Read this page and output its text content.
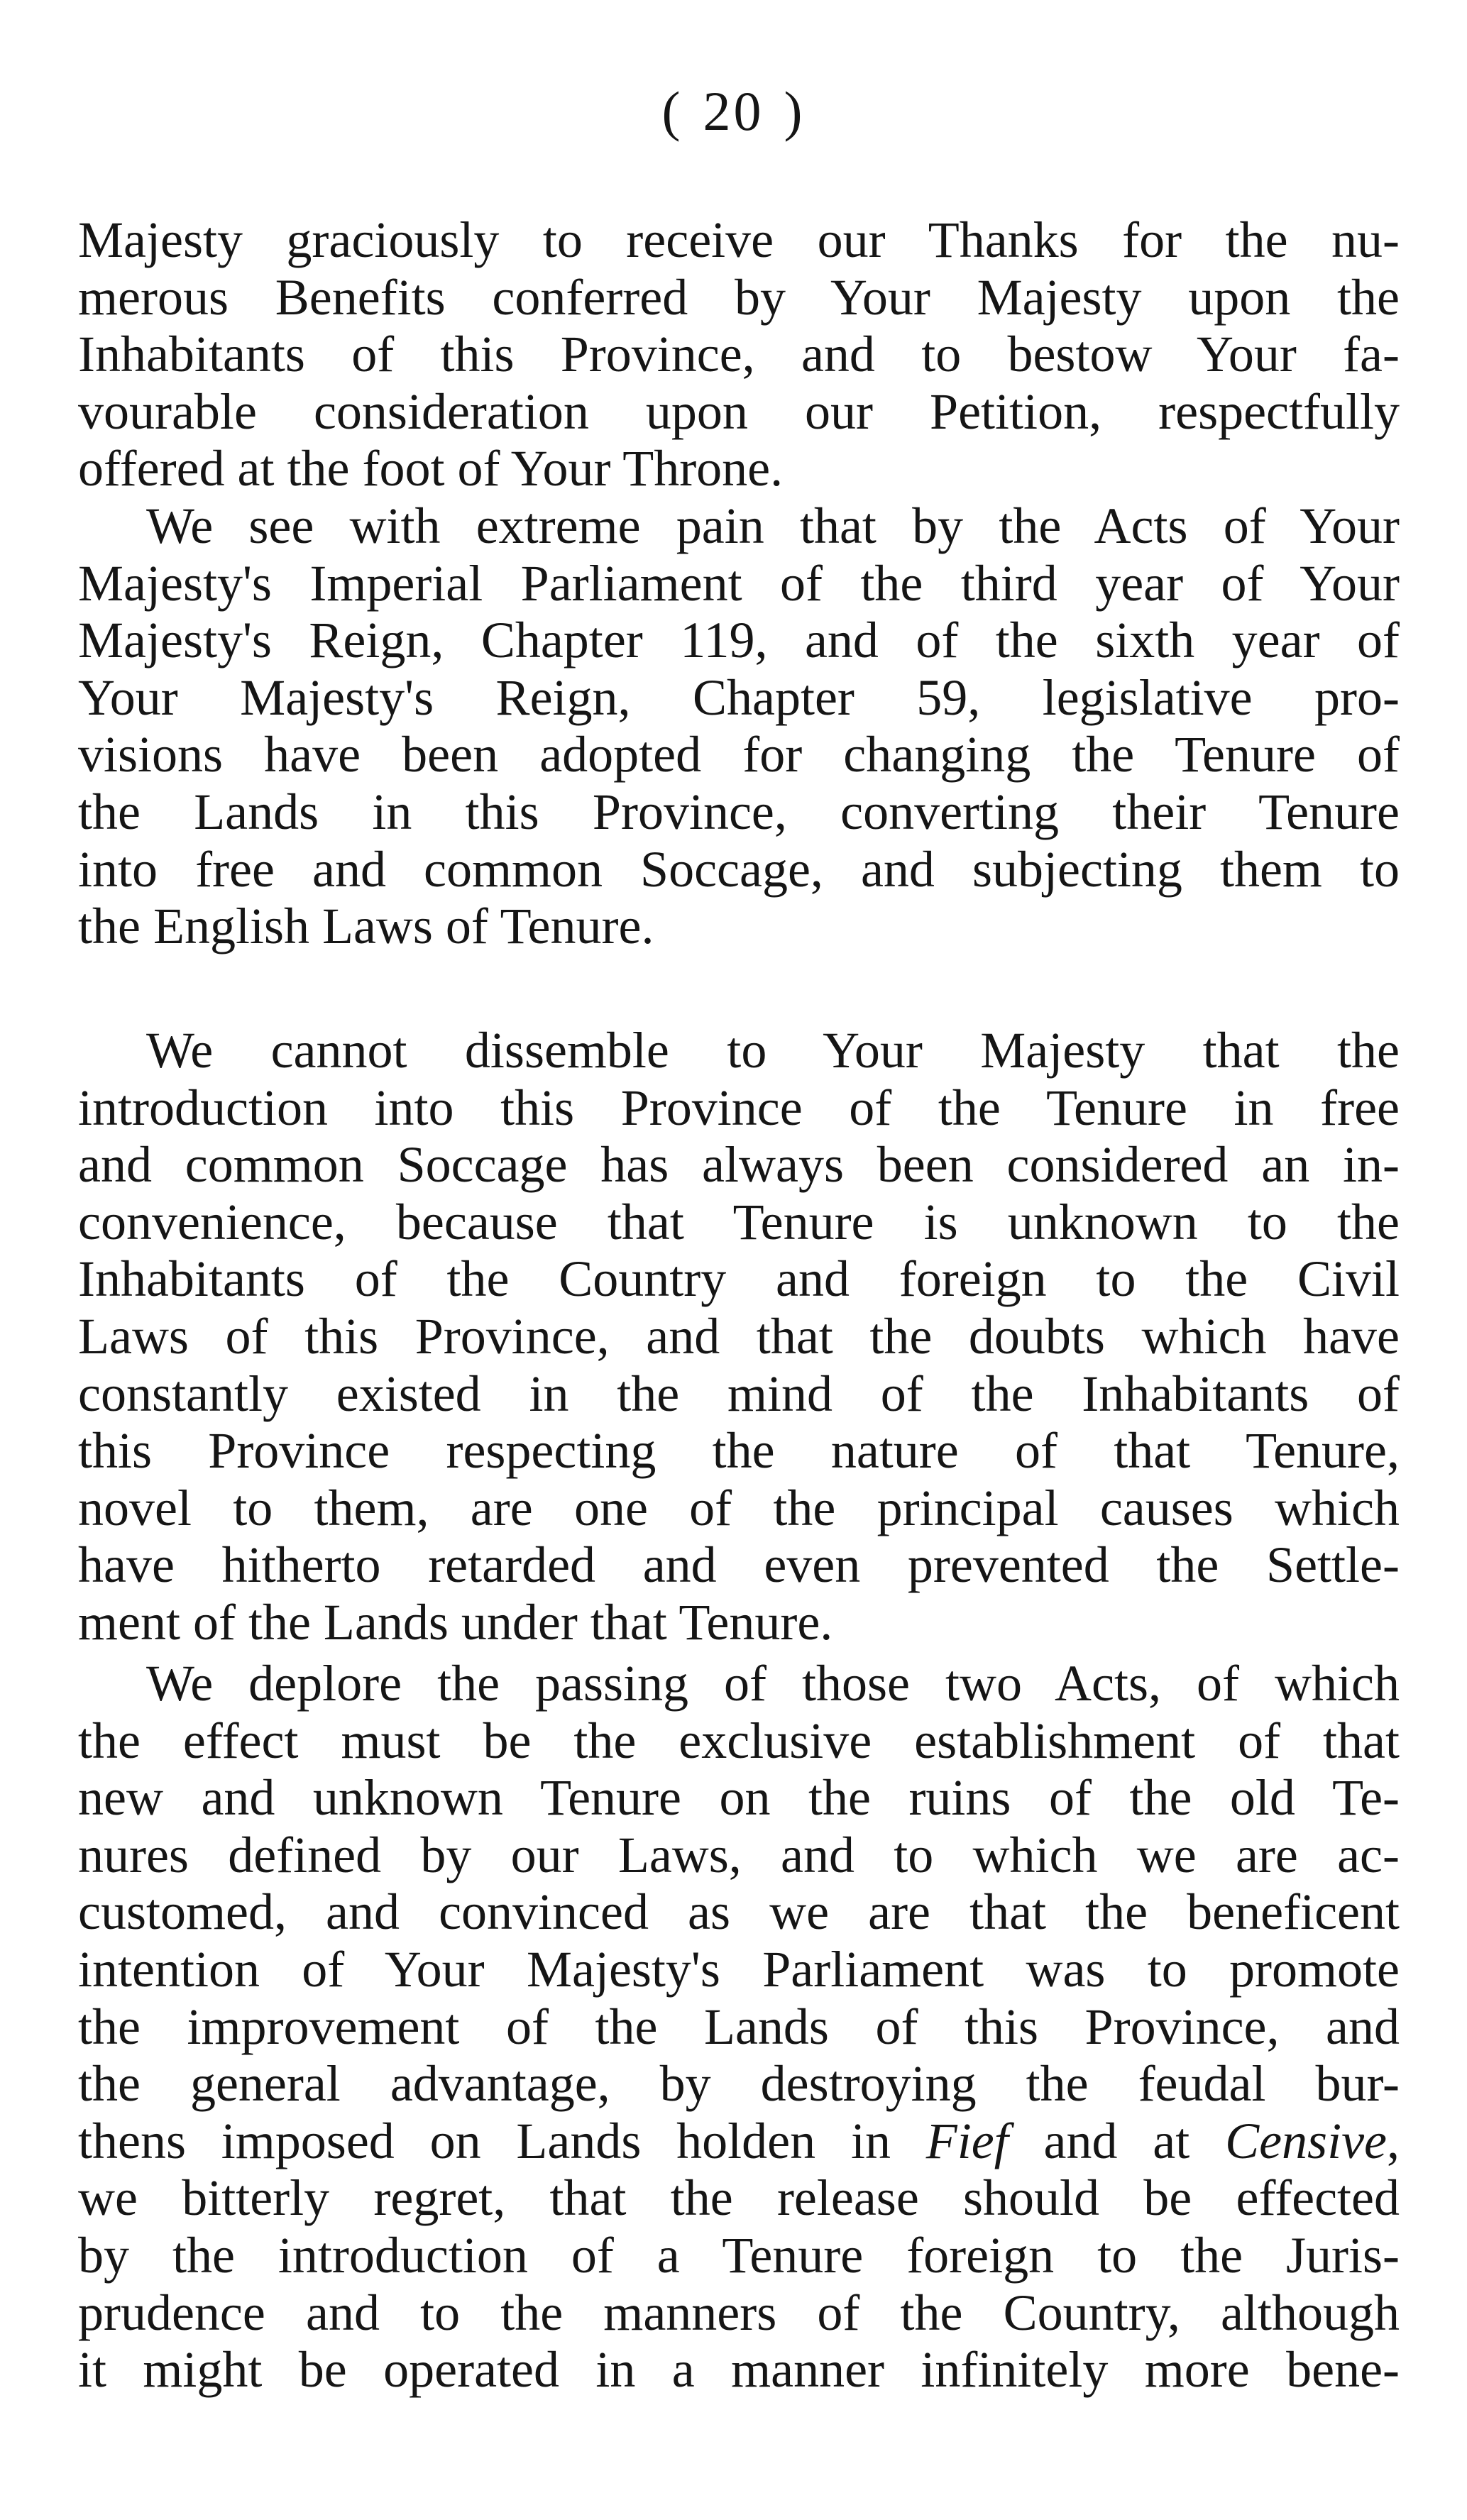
( 20 )
Majesty graciously to receive our Thanks for the nu-
merous Benefits conferred by Your Majesty upon the
Inhabitants of this Province, and to bestow Your fa-
vourable consideration upon our Petition, respectfully
offered at the foot of Your Throne.
We see with extreme pain that by the Acts of Your
Majesty's Imperial Parliament of the third year of Your
Majesty's Reign, Chapter 119, and of the sixth year of
Your Majesty's Reign, Chapter 59, legislative pro-
visions have been adopted for changing the Tenure of
the Lands in this Province, converting their Tenure
into free and common Soccage, and subjecting them to
the English Laws of Tenure.
We cannot dissemble to Your Majesty that the
introduction into this Province of the Tenure in free
and common Soccage has always been considered an in-
convenience, because that Tenure is unknown to the
Inhabitants of the Country and foreign to the Civil
Laws of this Province, and that the doubts which have
constantly existed in the mind of the Inhabitants of
this Province respecting the nature of that Tenure,
novel to them, are one of the principal causes which
have hitherto retarded and even prevented the Settle-
ment of the Lands under that Tenure.
We deplore the passing of those two Acts, of which
the effect must be the exclusive establishment of that
new and unknown Tenure on the ruins of the old Te-
nures defined by our Laws, and to which we are ac-
customed, and convinced as we are that the beneficent
intention of Your Majesty's Parliament was to promote
the improvement of the Lands of this Province, and
the general advantage, by destroying the feudal bur-
thens imposed on Lands holden in Fief and at Censive,
we bitterly regret, that the release should be effected
by the introduction of a Tenure foreign to the Juris-
prudence and to the manners of the Country, although
it might be operated in a manner infinitely more bene-
